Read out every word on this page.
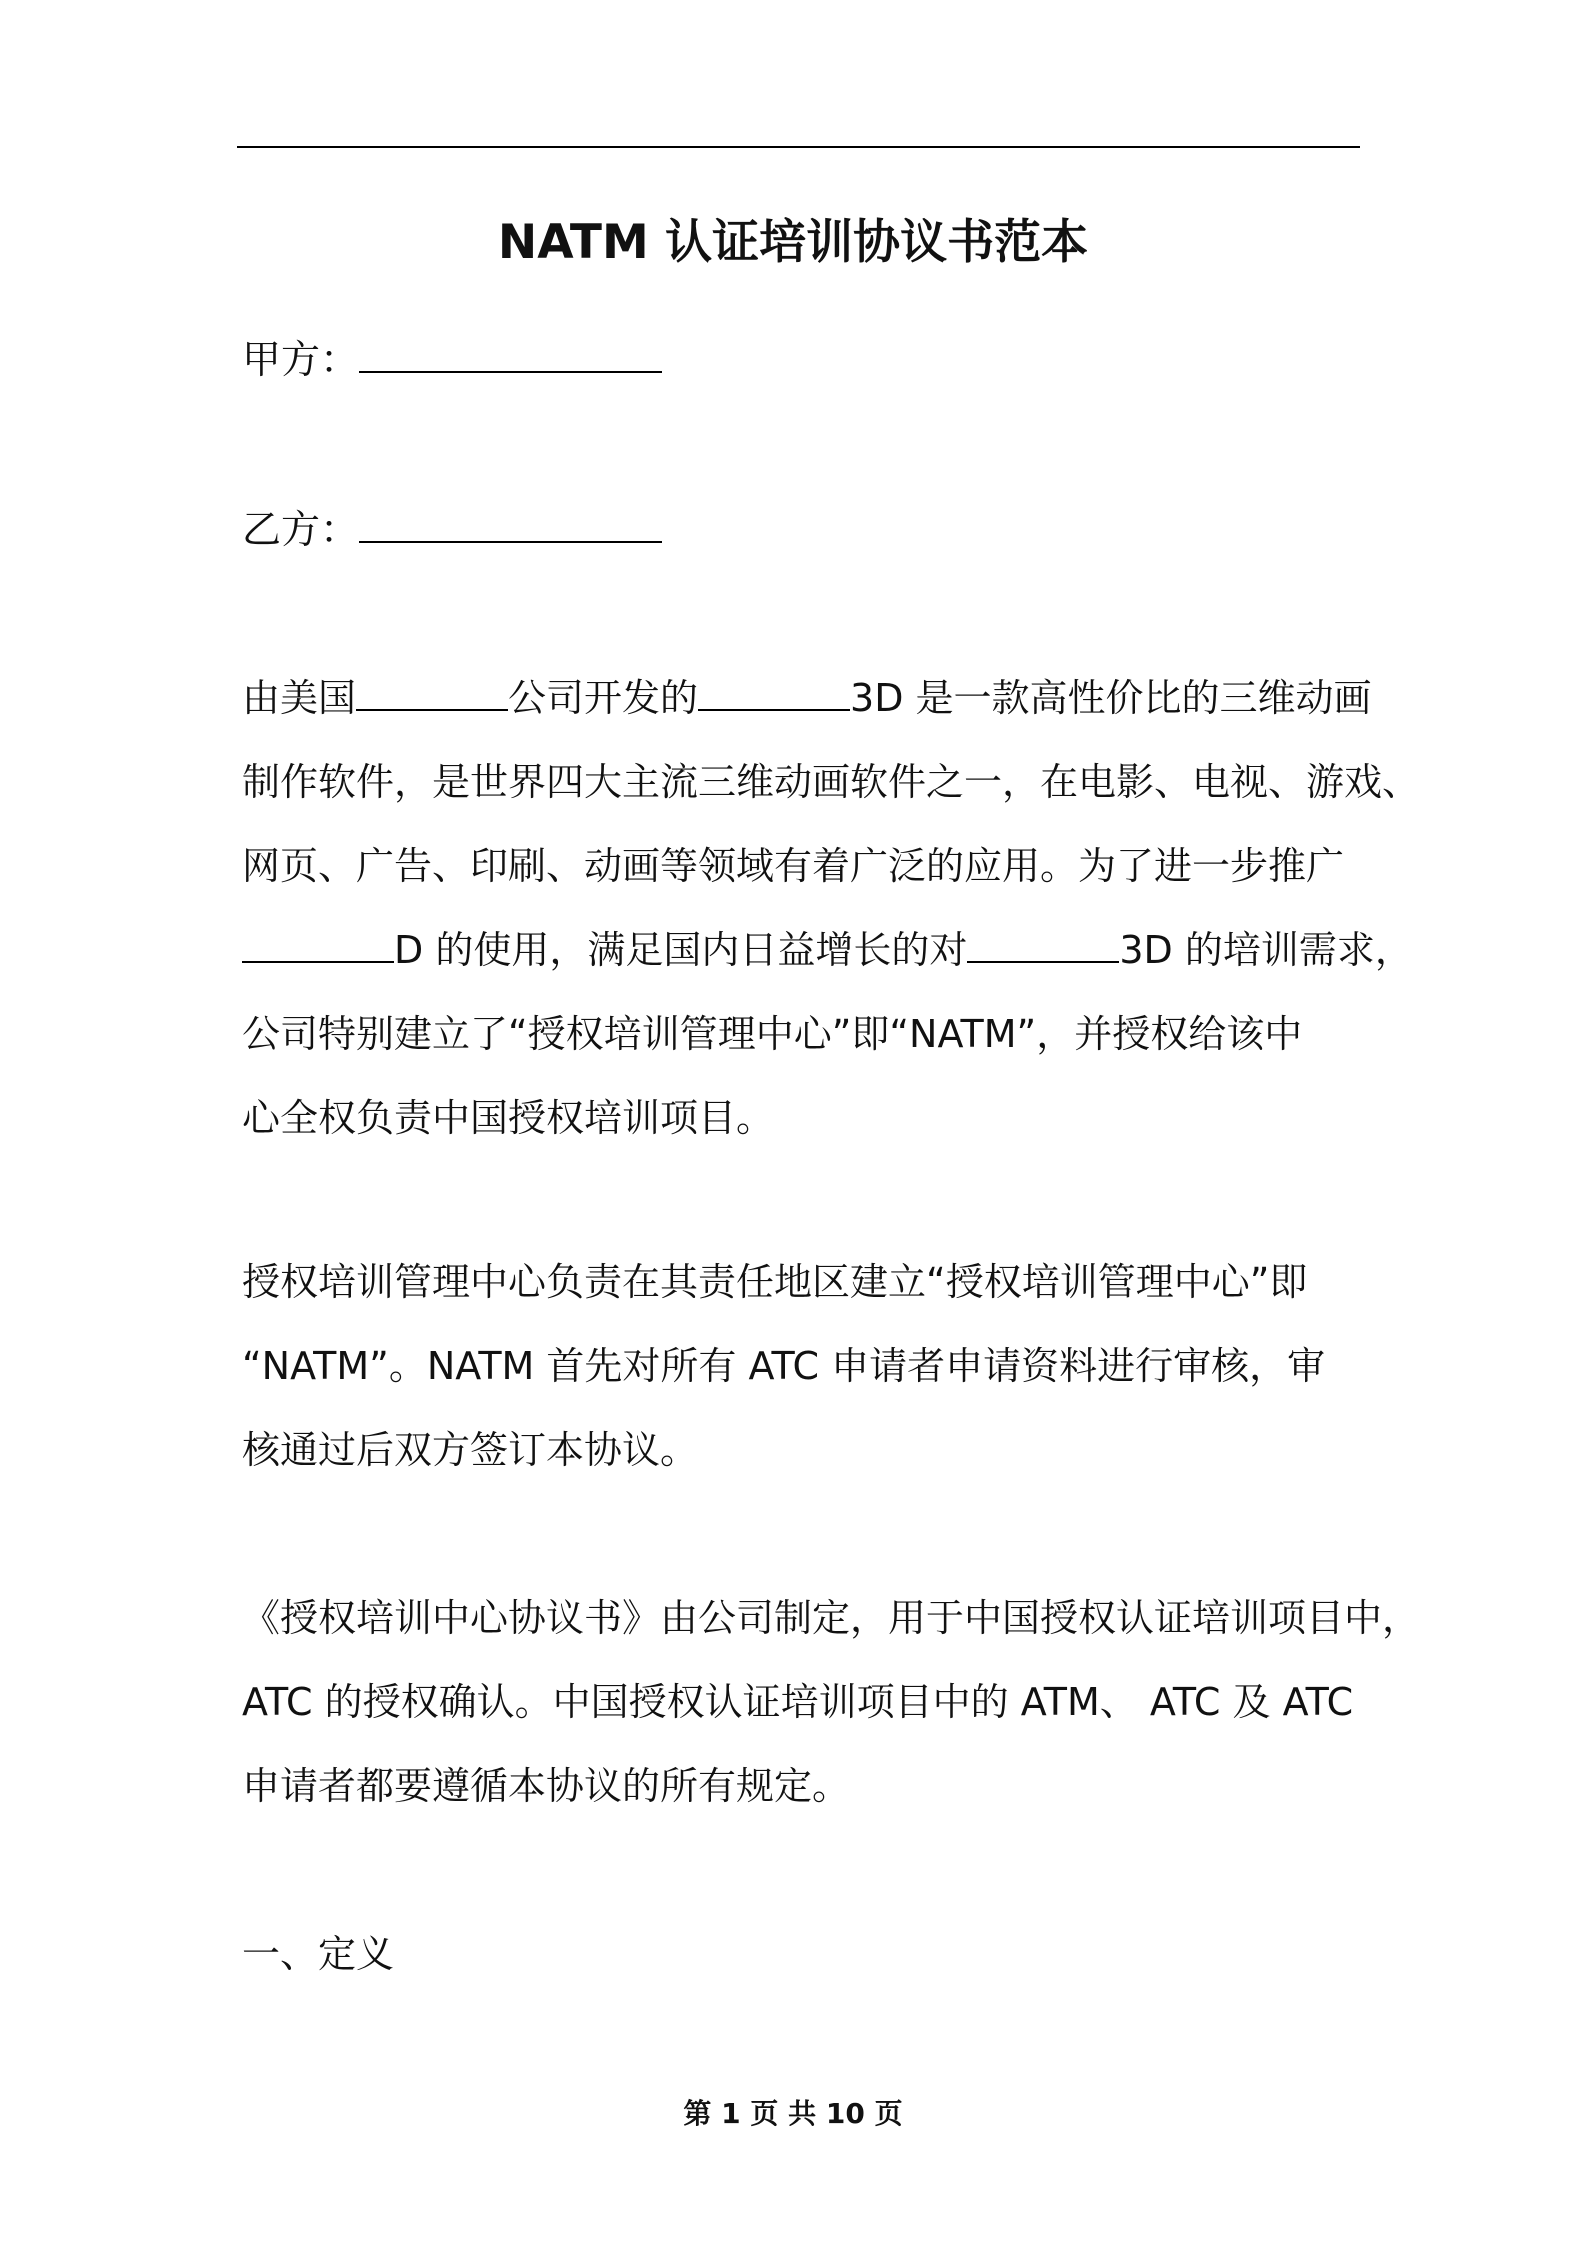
NATM 认证培训协议书范本
甲方：
乙方：
由美国	公司开发的	3D 是一款高性价比的三维动画
制作软件，是世界四大主流三维动画软件之一，在电影、电视、游戏、
网页、广告、印刷、动画等领域有着广泛的应用。为了进一步推广
D 的使用，满足国内日益增长的对	3D 的培训需求，
公司特别建立了“授权培训管理中心”即“NATM”，并授权给该中
心全权负责中国授权培训项目。
授权培训管理中心负责在其责任地区建立“授权培训管理中心”即
“NATM”。NATM 首先对所有 ATC 申请者申请资料进行审核，审
核通过后双方签订本协议。
《授权培训中心协议书》由公司制定，用于中国授权认证培训项目中，
ATC 的授权确认。中国授权认证培训项目中的 ATM、 ATC 及 ATC
申请者都要遵循本协议的所有规定。
一、定义
第 1 页 共 10 页
